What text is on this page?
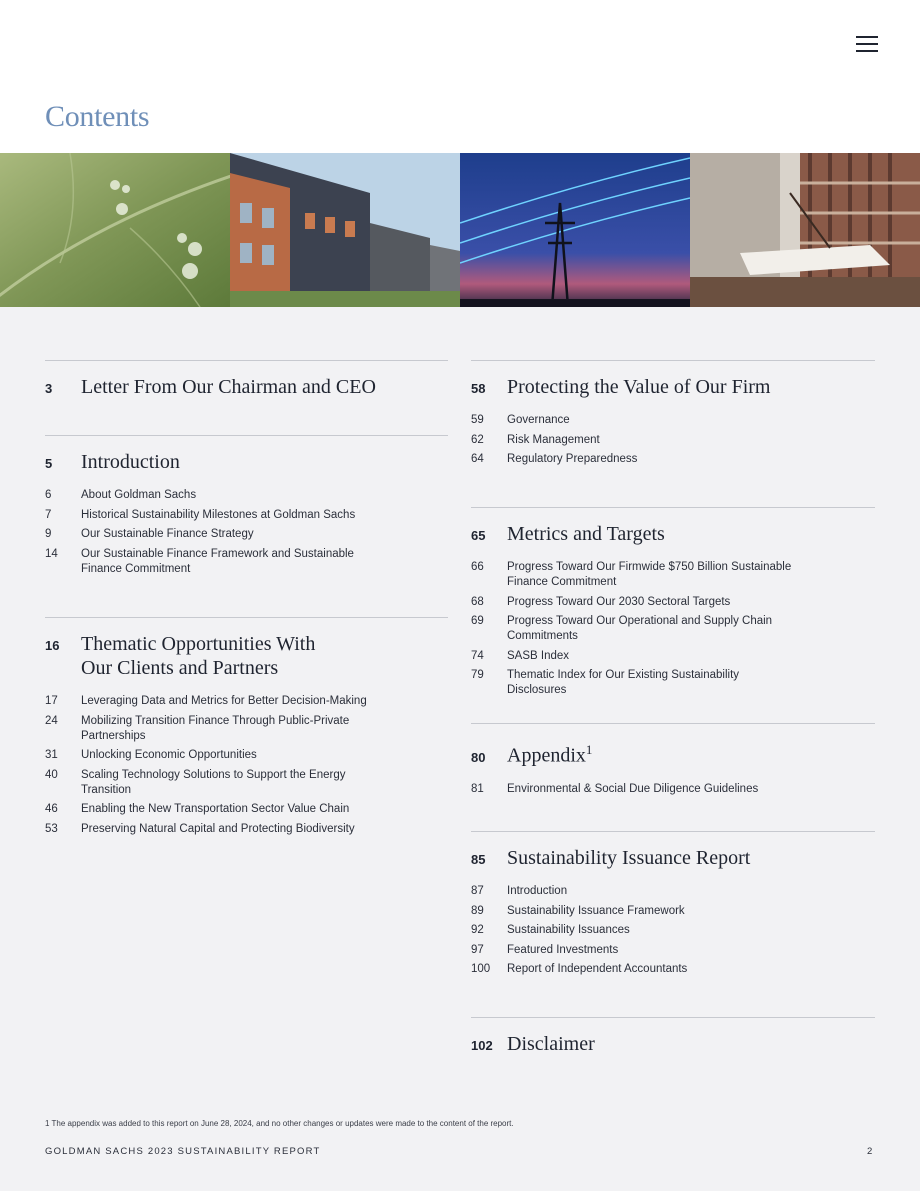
Contents
3	Letter From Our Chairman and CEO
5	Introduction
6	About Goldman Sachs
7	Historical Sustainability Milestones at Goldman Sachs
9	Our Sustainable Finance Strategy
14	Our Sustainable Finance Framework and Sustainable Finance Commitment
16	Thematic Opportunities With
Our Clients and Partners
17	Leveraging Data and Metrics for Better Decision-Making
24	Mobilizing Transition Finance Through Public-Private Partnerships
31	Unlocking Economic Opportunities
40	Scaling Technology Solutions to Support the Energy Transition
46	Enabling the New Transportation Sector Value Chain
53	Preserving Natural Capital and Protecting Biodiversity
58	Protecting the Value of Our Firm
59	Governance
62	Risk Management
64	Regulatory Preparedness
65	Metrics and Targets
66	Progress Toward Our Firmwide $750 Billion Sustainable Finance Commitment
68	Progress Toward Our 2030 Sectoral Targets
69	Progress Toward Our Operational and Supply Chain Commitments
74	SASB Index
79	Thematic Index for Our Existing Sustainability Disclosures
80	Appendix$^1$
81	Environmental & Social Due Diligence Guidelines
85	Sustainability Issuance Report
87	Introduction
89	Sustainability Issuance Framework
92	Sustainability Issuances
97	Featured Investments
100	Report of Independent Accountants
102 Disclaimer
1 The appendix was added to this report on June 28, 2024, and no other changes or updates were made to the content of the report.
GOLDMAN SACHS 2023 SUSTAINABILITY REPORT	2
